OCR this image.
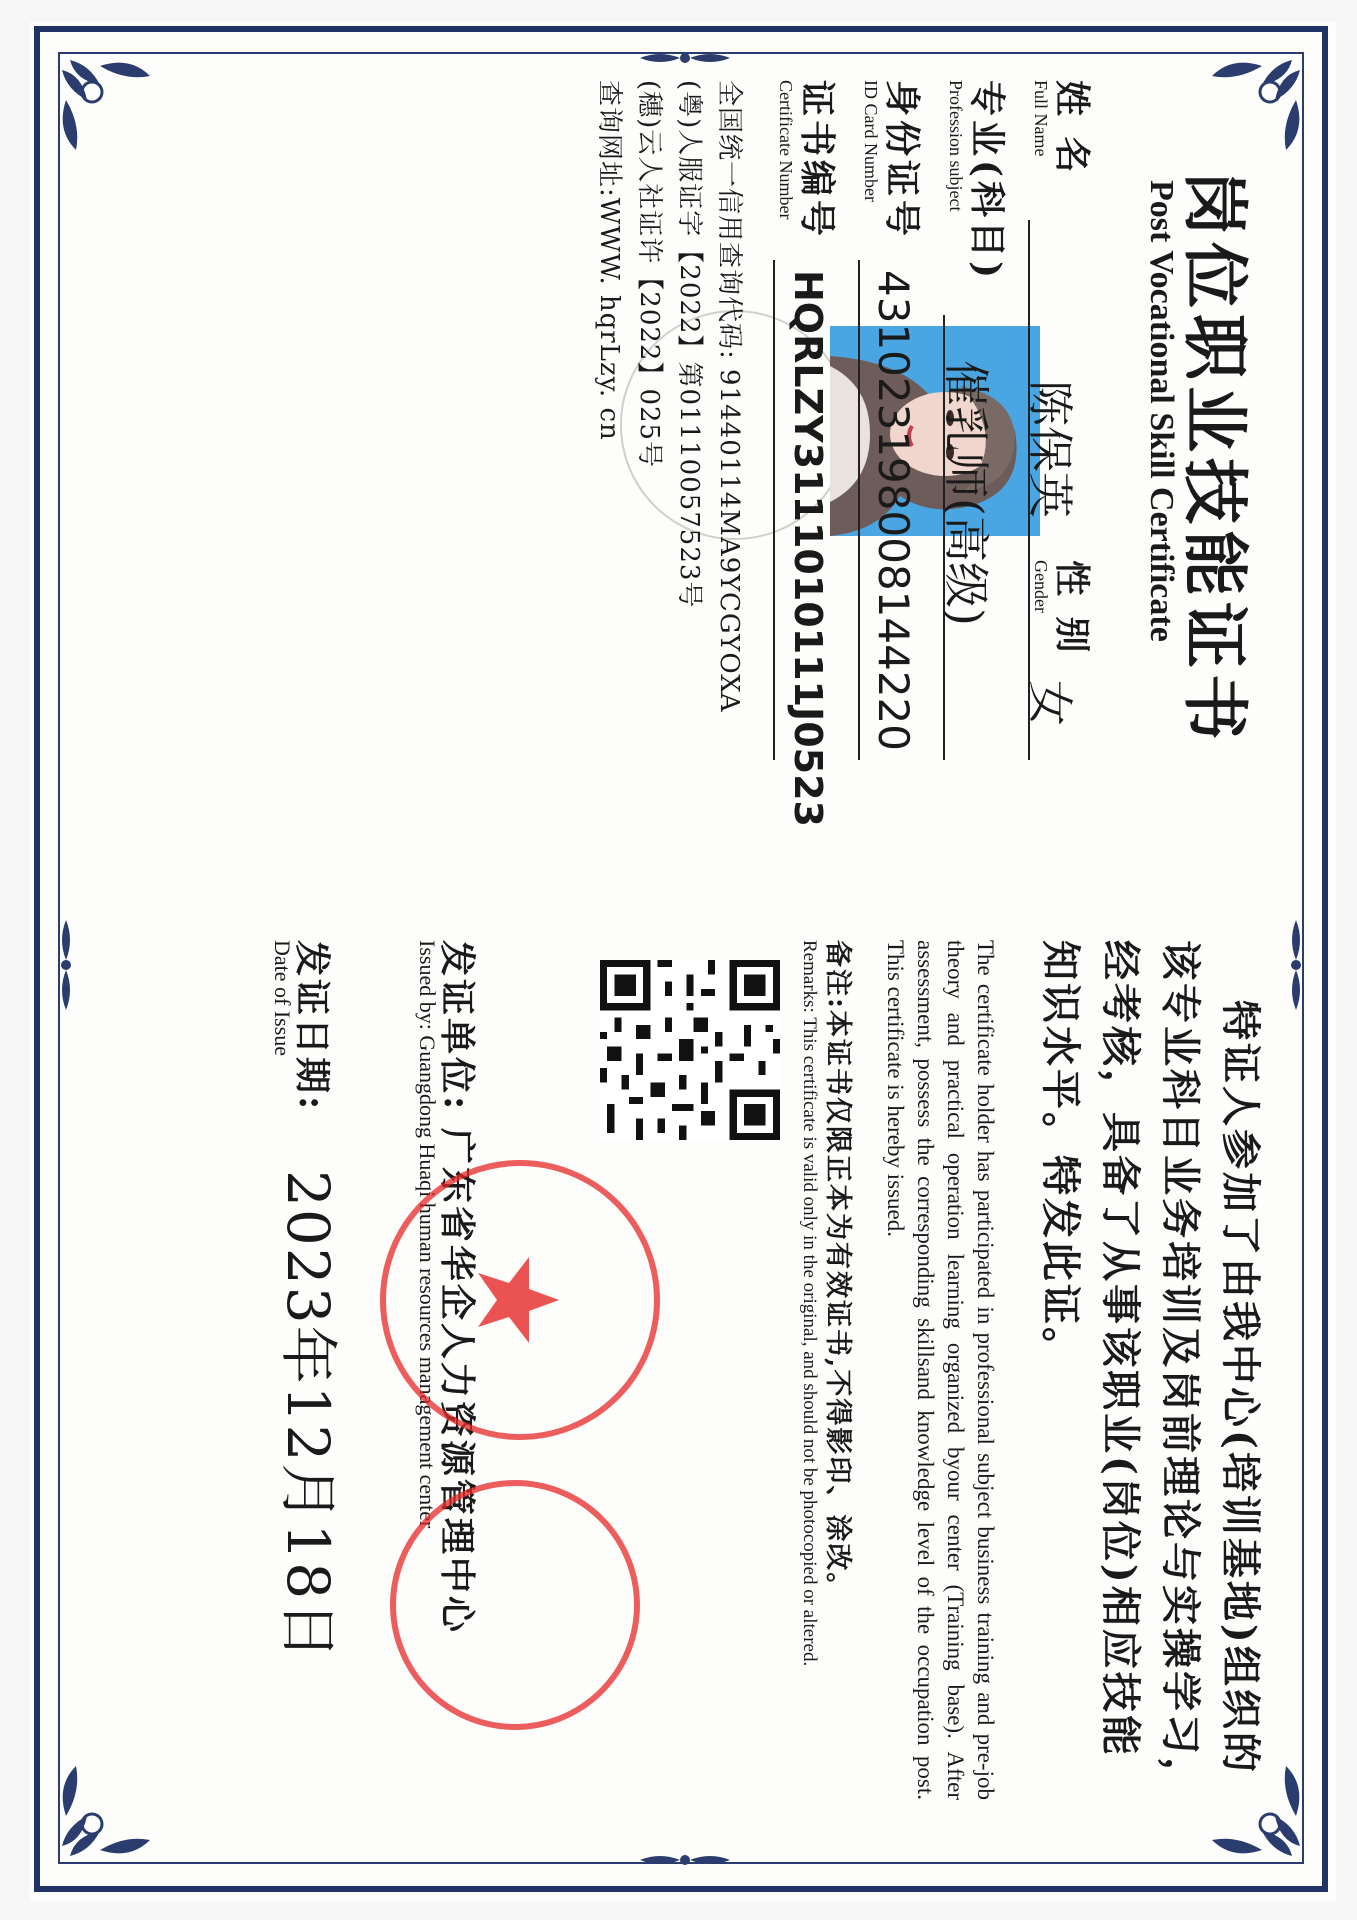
岗位职业技能证书
Post Vocational Skill Certificate
姓 名
Full Name
陈保英
性 别
Gender
女
专业(科目)
Profession subject
催乳师(高级)
身份证号
ID Card Number
431023198008144220
证书编号
Certificate Number
HQRLZY3111010111J0523
全国统一信用查询代码: 91440114MA9YCGYOXA
(粤)人服证字【2022】第01110057523号
(穗)云人社证许【2022】025号
查询网址:WWW. hqrLzy. cn
特证人参加了由我中心(培训基地)组织的该专业科目业务培训及岗前理论与实操学习，经考核，具备了从事该职业(岗位)相应技能知识水平。特发此证。
The certificate holder has participated in professional subject business training and pre-job theory and practical operation learning organized byour center (Training base). After assessment, possess the corresponding skillsand knowledge level of the occupation post. This certificate is hereby issued.
备注:本证书仅限正本为有效证书,不得影印、涂改。
Remarks: This certificate is valid only in the original, and should not be photocopied or altered.
发证单位: 广东省华企人力资源管理中心
Issued by: Guangdong Huaqi human resources management center
发证日期:
Date of Issue
2023年12月18日
